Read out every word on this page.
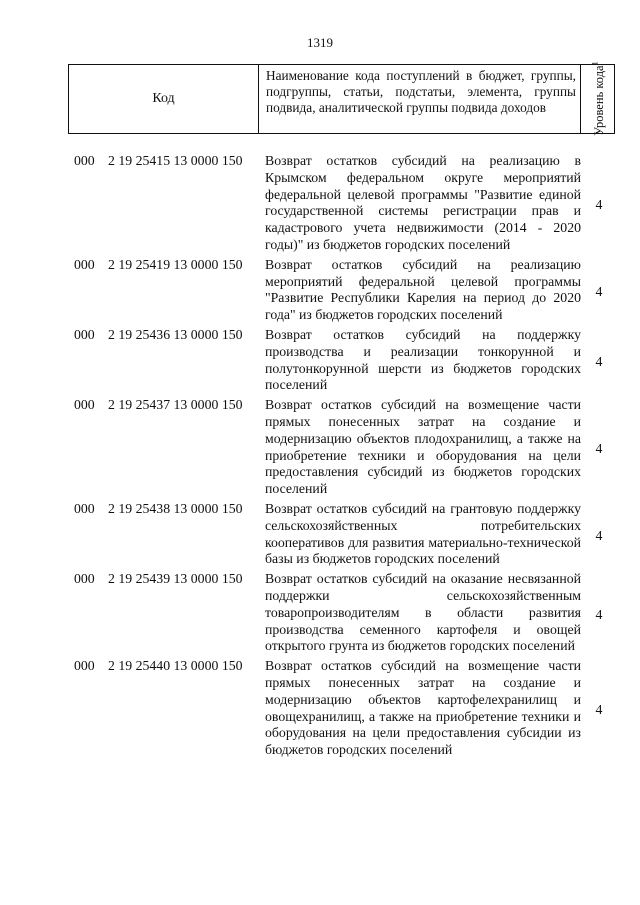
1319
Код
Наименование кода поступлений в бюджет, группы, подгруппы, статьи, подстатьи, элемента, группы подвида, аналитической группы подвида доходов	Уровень кода$^1$
000 2 19 25415 13 0000 150 Возврат остатков субсидий на реализацию в Крымском федеральном округе мероприятий федеральной целевой программы "Развитие единой государственной системы регистрации прав и кадастрового учета недвижимости (2014 - 2020 годы)" из бюджетов городских поселений
4
000 2 19 25419 13 0000 150 Возврат остатков субсидий на реализацию мероприятий федеральной целевой программы "Развитие Республики Карелия на период до 2020 года" из бюджетов городских поселений
4
000 2 19 25436 13 0000 150 Возврат остатков субсидий на поддержку производства и реализации тонкорунной и полутонкорунной шерсти из бюджетов городских поселений
4
000 2 19 25437 13 0000 150 Возврат остатков субсидий на возмещение части прямых понесенных затрат на создание и модернизацию объектов плодохранилищ, а также на приобретение техники и оборудования на цели предоставления субсидий из бюджетов городских поселений
4
000 2 19 25438 13 0000 150 Возврат остатков субсидий на грантовую поддержку сельскохозяйственных потребительских кооперативов для развития материально-технической базы из бюджетов городских поселений
4
000 2 19 25439 13 0000 150 Возврат остатков субсидий на оказание несвязанной поддержки сельскохозяйственным товаропроизводителям в области развития производства семенного картофеля и овощей открытого грунта из бюджетов городских поселений
4
000 2 19 25440 13 0000 150 Возврат остатков субсидий на возмещение части прямых понесенных затрат на создание и модернизацию объектов картофелехранилищ и овощехранилищ, а также на приобретение техники и оборудования на цели предоставления субсидии из бюджетов городских поселений
4
